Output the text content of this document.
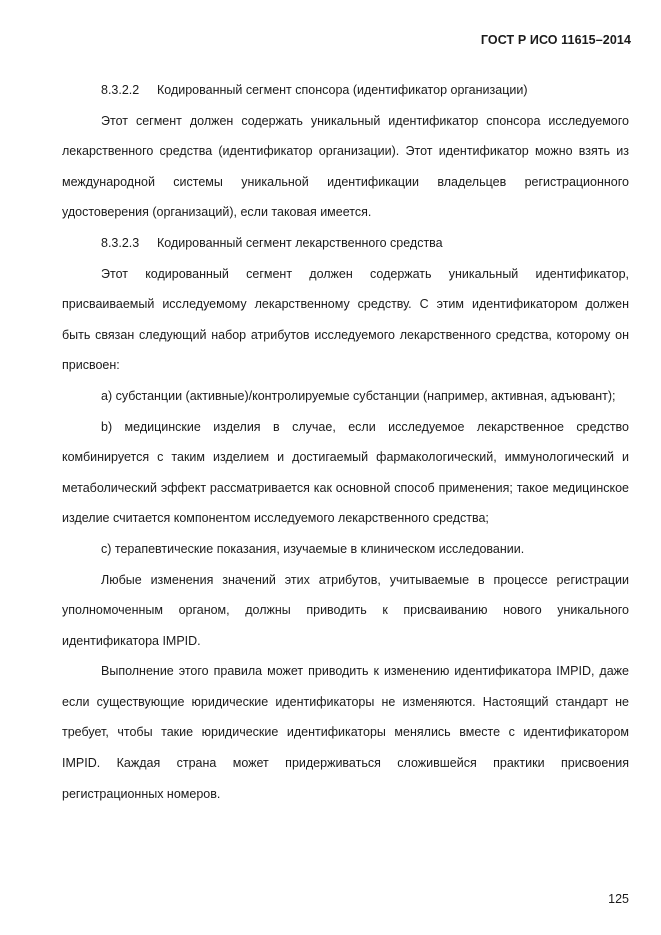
ГОСТ Р ИСО 11615–2014

8.3.2.2 Кодированный сегмент спонсора (идентификатор организации)

Этот сегмент должен содержать уникальный идентификатор спонсора исследуемого лекарственного средства (идентификатор организации). Этот идентификатор можно взять из международной системы уникальной идентификации владельцев регистрационного удостоверения (организаций), если таковая имеется.

8.3.2.3 Кодированный сегмент лекарственного средства

Этот кодированный сегмент должен содержать уникальный идентификатор, присваиваемый исследуемому лекарственному средству. С этим идентификатором должен быть связан следующий набор атрибутов исследуемого лекарственного средства, которому он присвоен:

a) субстанции (активные)/контролируемые субстанции (например, активная, адъювант);

b) медицинские изделия в случае, если исследуемое лекарственное средство комбинируется с таким изделием и достигаемый фармакологический, иммунологический и метаболический эффект рассматривается как основной способ применения; такое медицинское изделие считается компонентом исследуемого лекарственного средства;

c) терапевтические показания, изучаемые в клиническом исследовании.

Любые изменения значений этих атрибутов, учитываемые в процессе регистрации уполномоченным органом, должны приводить к присваиванию нового уникального идентификатора IMPID.

Выполнение этого правила может приводить к изменению идентификатора IMPID, даже если существующие юридические идентификаторы не изменяются. Настоящий стандарт не требует, чтобы такие юридические идентификаторы менялись вместе с идентификатором IMPID. Каждая страна может придерживаться сложившейся практики присвоения регистрационных номеров.

125
